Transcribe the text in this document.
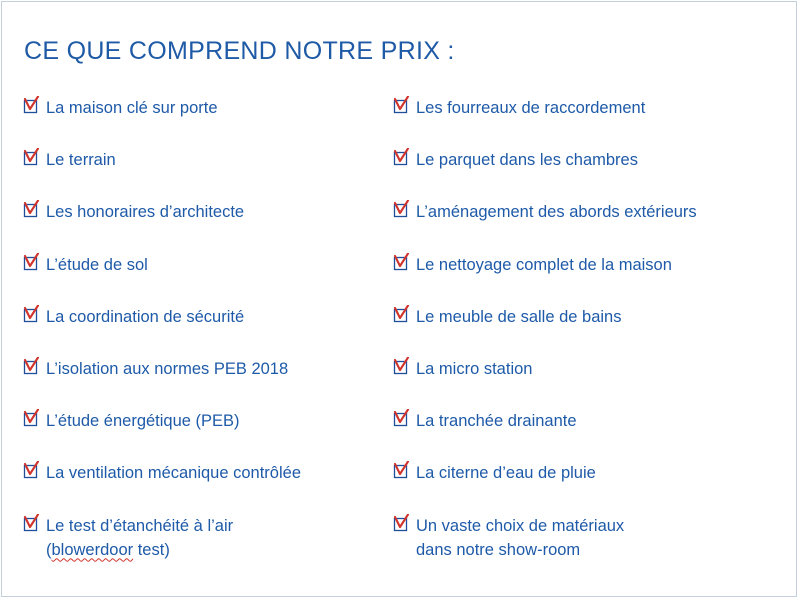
CE QUE COMPREND NOTRE PRIX :
La maison clé sur porte
Le terrain
Les honoraires d’architecte
L’étude de sol
La coordination de sécurité
L’isolation aux normes PEB 2018
L’étude énergétique (PEB)
La ventilation mécanique contrôlée
Le test d’étanchéité à l’air
(blowerdoor test)
Les fourreaux de raccordement
Le parquet dans les chambres
L’aménagement des abords extérieurs
Le nettoyage complet de la maison
Le meuble de salle de bains
La micro station
La tranchée drainante
La citerne d’eau de pluie
Un vaste choix de matériaux
dans notre show-room
